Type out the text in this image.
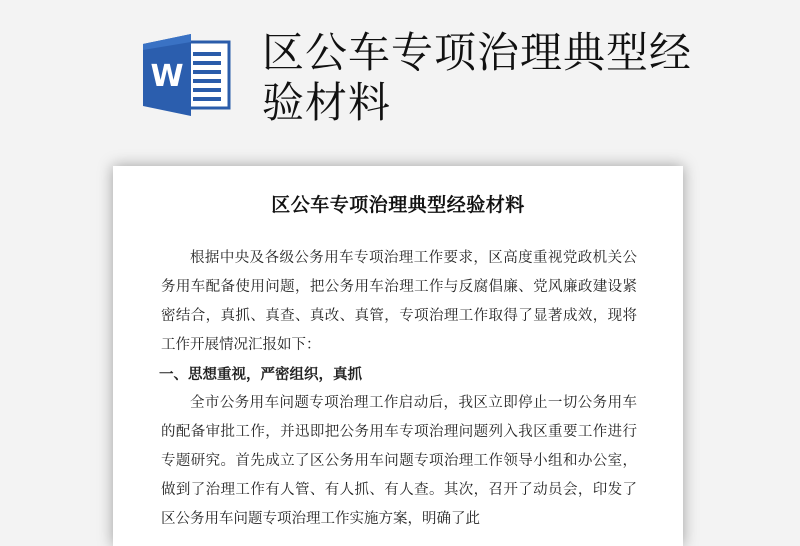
W 区公车专项治理典型经验材料
区公车专项治理典型经验材料

根据中央及各级公务用车专项治理工作要求，区高度重视党政机关公务用车配备使用问题，把公务用车治理工作与反腐倡廉、党风廉政建设紧密结合，真抓、真查、真改、真管，专项治理工作取得了显著成效，现将工作开展情况汇报如下：

一、思想重视，严密组织，真抓

全市公务用车问题专项治理工作启动后，我区立即停止一切公务用车的配备审批工作，并迅即把公务用车专项治理问题列入我区重要工作进行专题研究。首先成立了区公务用车问题专项治理工作领导小组和办公室，做到了治理工作有人管、有人抓、有人查。其次，召开了动员会，印发了区公务用车问题专项治理工作实施方案，明确了此
